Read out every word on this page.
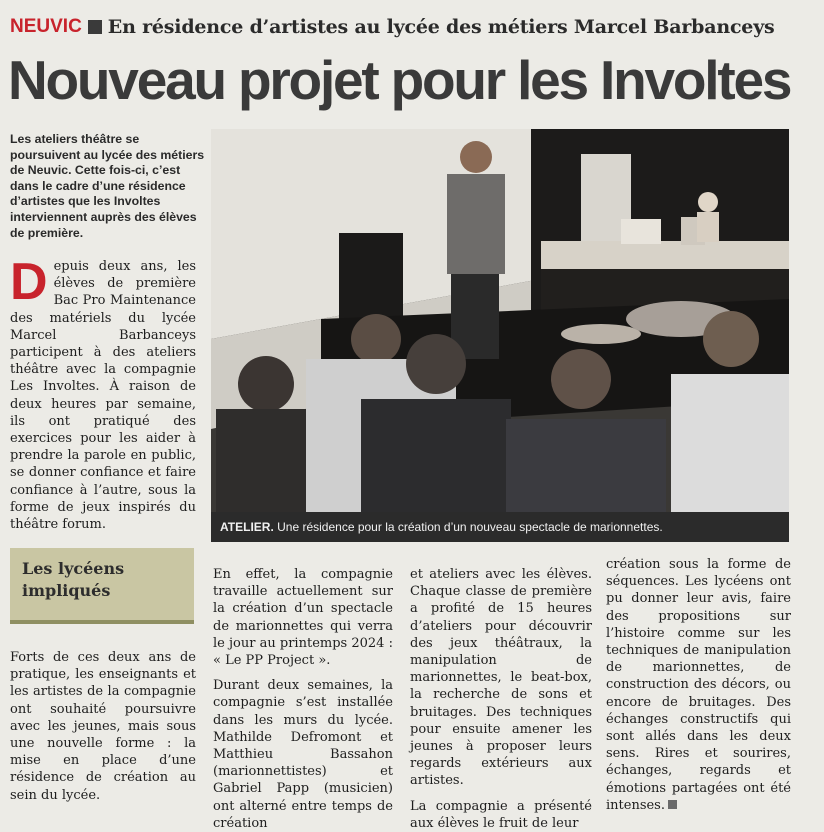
NEUVIC En résidence d’artistes au lycée des métiers Marcel Barbanceys
Nouveau projet pour les Involtes
Les ateliers théâtre se poursuivent au lycée des métiers de Neuvic. Cette fois-ci, c’est dans le cadre d’une résidence d’artistes que les Involtes interviennent auprès des élèves de première.
Depuis deux ans, les élèves de première Bac Pro Maintenance des matériels du lycée Marcel Barbanceys participent à des ateliers théâtre avec la compagnie Les Involtes. À raison de deux heures par semaine, ils ont pratiqué des exercices pour les aider à prendre la parole en public, se donner confiance et faire confiance à l’autre, sous la forme de jeux inspirés du théâtre forum.	ATELIER. Une résidence pour la création d’un nouveau spectacle de marionnettes.
Les lycéens impliqués

Forts de ces deux ans de pratique, les enseignants et les artistes de la compagnie ont souhaité poursuivre avec les jeunes, mais sous une nouvelle forme : la mise en place d’une résidence de création au sein du lycée.

En effet, la compagnie travaille actuellement sur la création d’un spectacle de marionnettes qui verra le jour au printemps 2024 : « Le PP Project ».

Durant deux semaines, la compagnie s’est installée dans les murs du lycée. Mathilde Defromont et Matthieu Bassahon (marionnettistes) et Gabriel Papp (musicien) ont alterné entre temps de création

et ateliers avec les élèves. Chaque classe de première a profité de 15 heures d’ateliers pour découvrir des jeux théâtraux, la manipulation de marionnettes, le beat-box, la recherche de sons et bruitages. Des techniques pour ensuite amener les jeunes à proposer leurs regards extérieurs aux artistes.

La compagnie a présenté aux élèves le fruit de leur

création sous la forme de séquences. Les lycéens ont pu donner leur avis, faire des propositions sur l’histoire comme sur les techniques de manipulation de marionnettes, de construction des décors, ou encore de bruitages. Des échanges constructifs qui sont allés dans les deux sens. Rires et sourires, échanges, regards et émotions partagées ont été intenses.
